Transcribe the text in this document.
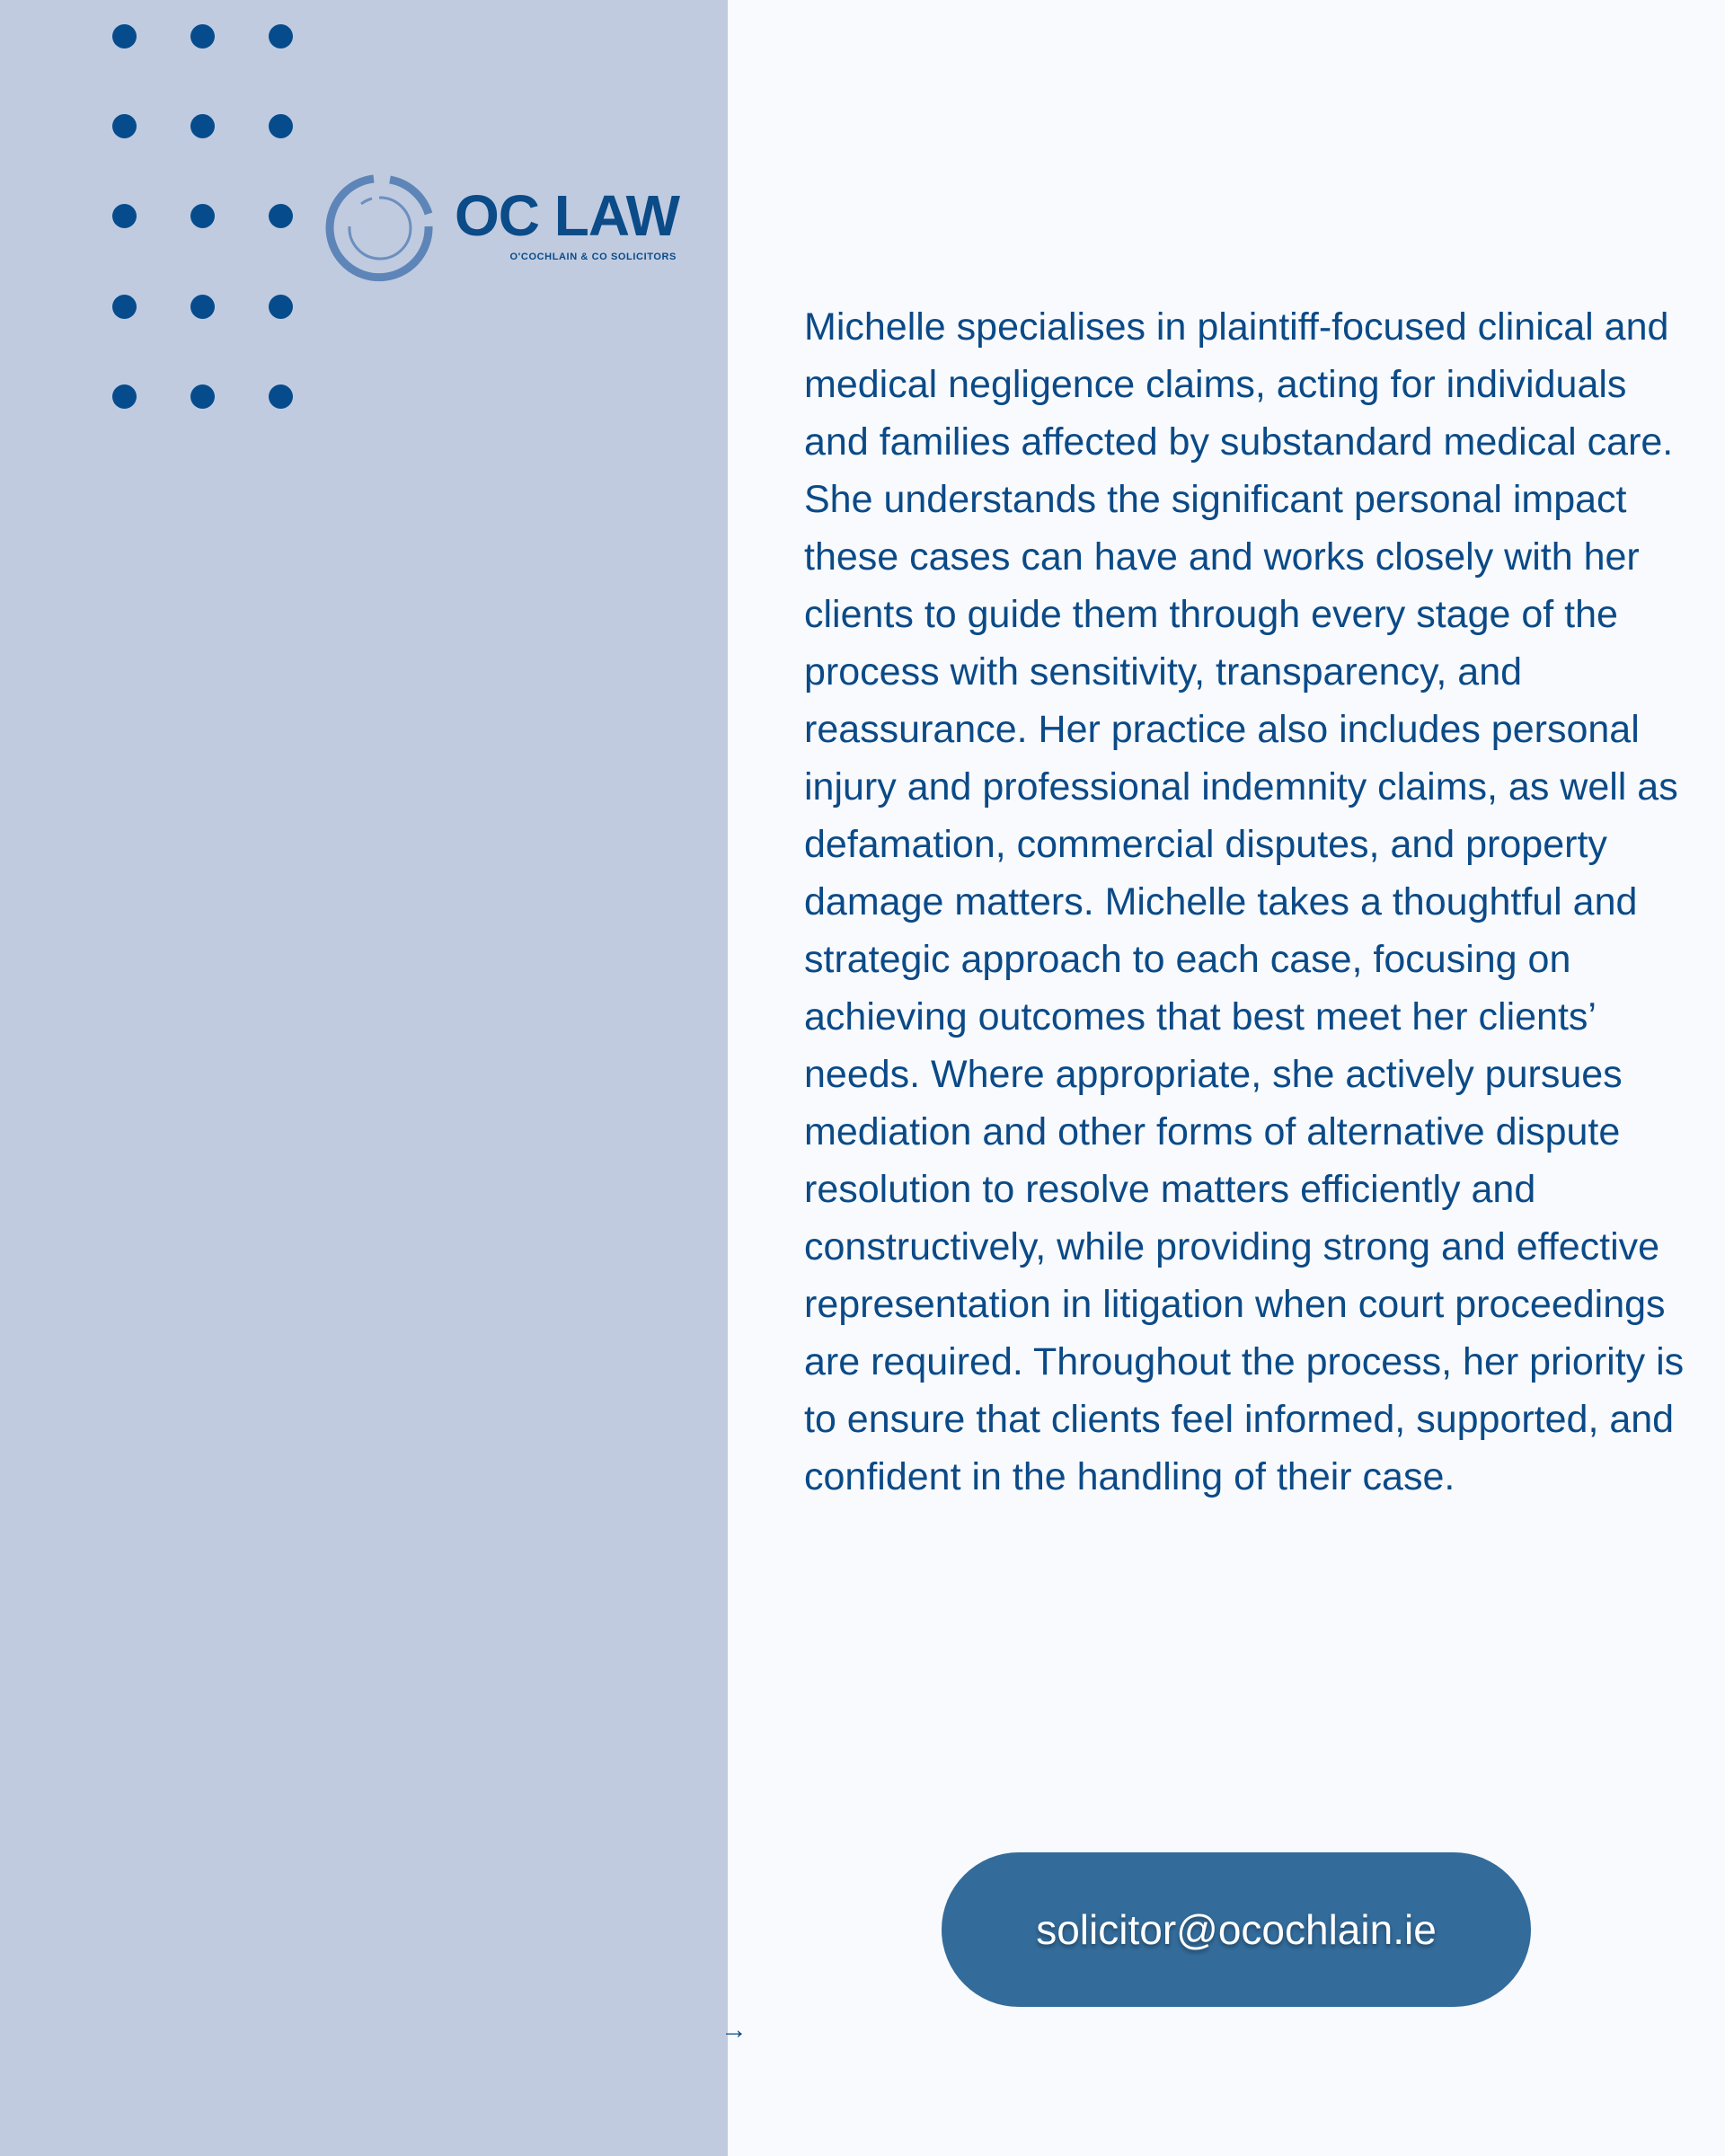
OC LAW
O'COCHLAIN & CO SOLICITORS

Michelle specialises in plaintiff-focused clinical and medical negligence claims, acting for individuals and families affected by substandard medical care. She understands the significant personal impact these cases can have and works closely with her clients to guide them through every stage of the process with sensitivity, transparency, and reassurance. Her practice also includes personal injury and professional indemnity claims, as well as defamation, commercial disputes, and property damage matters. Michelle takes a thoughtful and strategic approach to each case, focusing on achieving outcomes that best meet her clients’ needs. Where appropriate, she actively pursues mediation and other forms of alternative dispute resolution to resolve matters efficiently and constructively, while providing strong and effective representation in litigation when court proceedings are required. Throughout the process, her priority is to ensure that clients feel informed, supported, and confident in the handling of their case.

solicitor@ocochlain.ie
→
